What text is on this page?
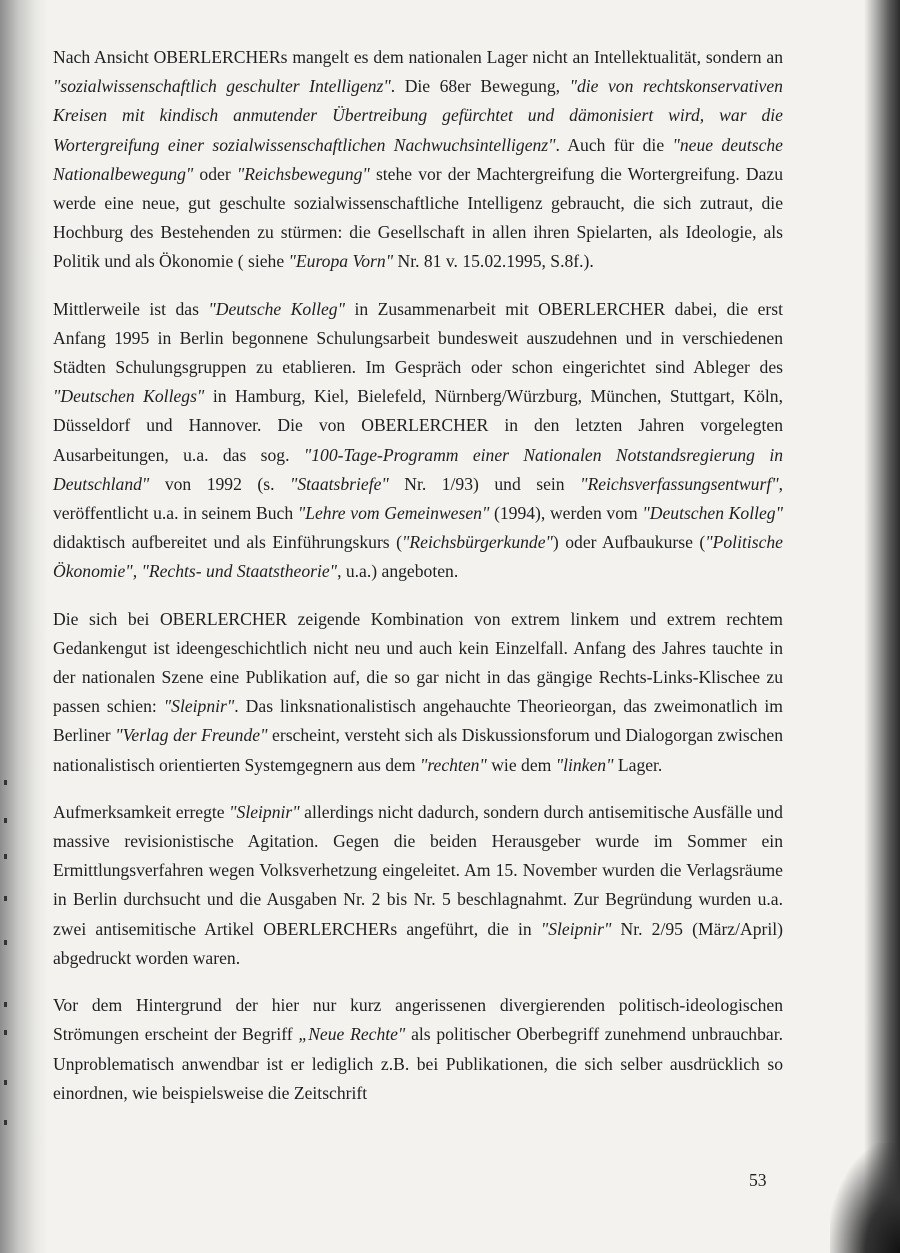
Nach Ansicht OBERLERCHERs mangelt es dem nationalen Lager nicht an Intellektualität, sondern an "sozialwissenschaftlich geschulter Intelligenz". Die 68er Bewegung, "die von rechtskonservativen Kreisen mit kindisch anmutender Übertreibung gefürchtet und dämonisiert wird, war die Wortergreifung einer sozialwissenschaftlichen Nachwuchsintelligenz". Auch für die "neue deutsche Nationalbewegung" oder "Reichsbewegung" stehe vor der Machtergreifung die Wortergreifung. Dazu werde eine neue, gut geschulte sozialwissenschaftliche Intelligenz gebraucht, die sich zutraut, die Hochburg des Bestehenden zu stürmen: die Gesellschaft in allen ihren Spielarten, als Ideologie, als Politik und als Ökonomie ( siehe "Europa Vorn" Nr. 81 v. 15.02.1995, S.8f.).

Mittlerweile ist das "Deutsche Kolleg" in Zusammenarbeit mit OBERLERCHER dabei, die erst Anfang 1995 in Berlin begonnene Schulungsarbeit bundesweit auszudehnen und in verschiedenen Städten Schulungsgruppen zu etablieren. Im Gespräch oder schon eingerichtet sind Ableger des "Deutschen Kollegs" in Hamburg, Kiel, Bielefeld, Nürnberg/Würzburg, München, Stuttgart, Köln, Düsseldorf und Hannover. Die von OBERLERCHER in den letzten Jahren vorgelegten Ausarbeitungen, u.a. das sog. "100-Tage-Programm einer Nationalen Notstandsregierung in Deutschland" von 1992 (s. "Staatsbriefe" Nr. 1/93) und sein "Reichsverfassungsentwurf", veröffentlicht u.a. in seinem Buch "Lehre vom Gemeinwesen" (1994), werden vom "Deutschen Kolleg" didaktisch aufbereitet und als Einführungskurs ("Reichsbürgerkunde") oder Aufbaukurse ("Politische Ökonomie", "Rechts- und Staatstheorie", u.a.) angeboten.

Die sich bei OBERLERCHER zeigende Kombination von extrem linkem und extrem rechtem Gedankengut ist ideengeschichtlich nicht neu und auch kein Einzelfall. Anfang des Jahres tauchte in der nationalen Szene eine Publikation auf, die so gar nicht in das gängige Rechts-Links-Klischee zu passen schien: "Sleipnir". Das linksnationalistisch angehauchte Theorieorgan, das zweimonatlich im Berliner "Verlag der Freunde" erscheint, versteht sich als Diskussionsforum und Dialogorgan zwischen nationalistisch orientierten Systemgegnern aus dem "rechten" wie dem "linken" Lager.

Aufmerksamkeit erregte "Sleipnir" allerdings nicht dadurch, sondern durch antisemitische Ausfälle und massive revisionistische Agitation. Gegen die beiden Herausgeber wurde im Sommer ein Ermittlungsverfahren wegen Volksverhetzung eingeleitet. Am 15. November wurden die Verlagsräume in Berlin durchsucht und die Ausgaben Nr. 2 bis Nr. 5 beschlagnahmt. Zur Begründung wurden u.a. zwei antisemitische Artikel OBERLERCHERs angeführt, die in "Sleipnir" Nr. 2/95 (März/April) abgedruckt worden waren.

Vor dem Hintergrund der hier nur kurz angerissenen divergierenden politisch-ideologischen Strömungen erscheint der Begriff „Neue Rechte" als politischer Oberbegriff zunehmend unbrauchbar. Unproblematisch anwendbar ist er lediglich z.B. bei Publikationen, die sich selber ausdrücklich so einordnen, wie beispielsweise die Zeitschrift

53
